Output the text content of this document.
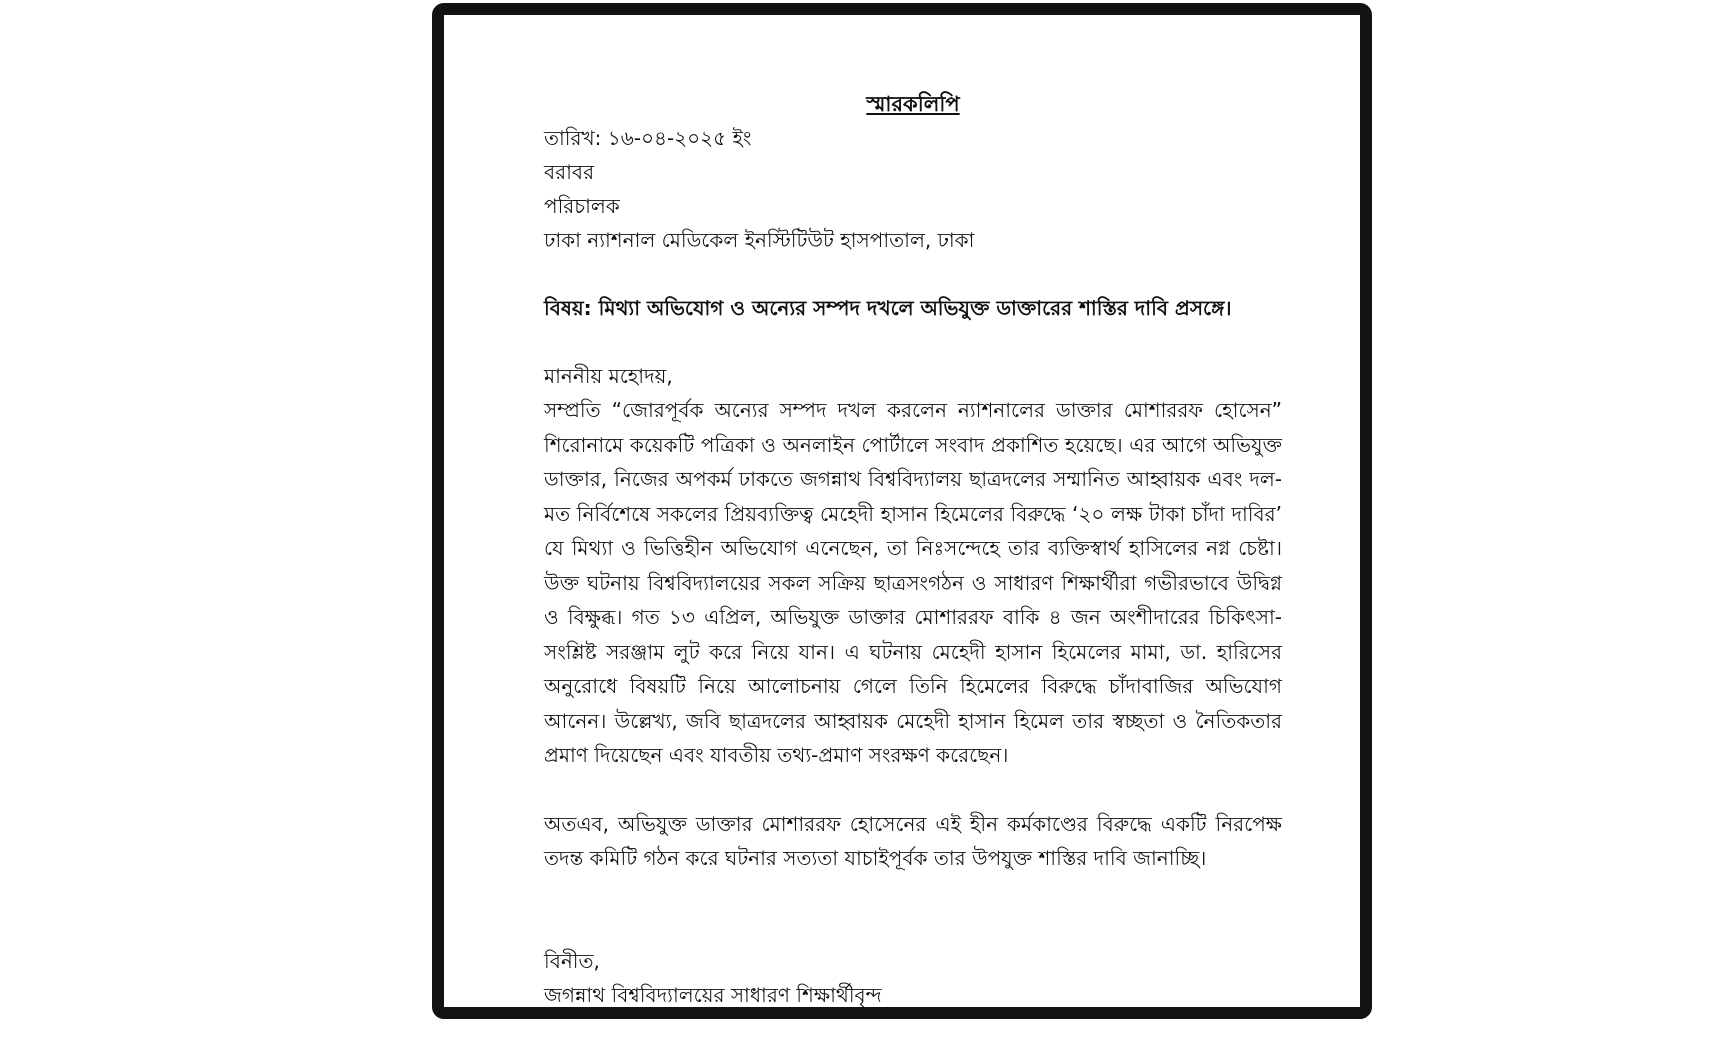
স্মারকলিপি
তারিখ: ১৬-০৪-২০২৫ ইং
বরাবর
পরিচালক
ঢাকা ন্যাশনাল মেডিকেল ইনস্টিটিউট হাসপাতাল, ঢাকা
বিষয়: মিথ্যা অভিযোগ ও অন্যের সম্পদ দখলে অভিযুক্ত ডাক্তারের শাস্তির দাবি প্রসঙ্গে।
মাননীয় মহোদয়,
সম্প্রতি “জোরপূর্বক অন্যের সম্পদ দখল করলেন ন্যাশনালের ডাক্তার মোশাররফ হোসেন” শিরোনামে কয়েকটি পত্রিকা ও অনলাইন পোর্টালে সংবাদ প্রকাশিত হয়েছে। এর আগে অভিযুক্ত ডাক্তার, নিজের অপকর্ম ঢাকতে জগন্নাথ বিশ্ববিদ্যালয় ছাত্রদলের সম্মানিত আহ্বায়ক এবং দল-মত নির্বিশেষে সকলের প্রিয়ব্যক্তিত্ব মেহেদী হাসান হিমেলের বিরুদ্ধে ‘২০ লক্ষ টাকা চাঁদা দাবির’ যে মিথ্যা ও ভিত্তিহীন অভিযোগ এনেছেন, তা নিঃসন্দেহে তার ব্যক্তিস্বার্থ হাসিলের নগ্ন চেষ্টা।উক্ত ঘটনায় বিশ্ববিদ্যালয়ের সকল সক্রিয় ছাত্রসংগঠন ও সাধারণ শিক্ষার্থীরা গভীরভাবে উদ্বিগ্ন ও বিক্ষুব্ধ। গত ১৩ এপ্রিল, অভিযুক্ত ডাক্তার মোশাররফ বাকি ৪ জন অংশীদারের চিকিৎসা-সংশ্লিষ্ট সরঞ্জাম লুট করে নিয়ে যান। এ ঘটনায় মেহেদী হাসান হিমেলের মামা, ডা. হারিসের অনুরোধে বিষয়টি নিয়ে আলোচনায় গেলে তিনি হিমেলের বিরুদ্ধে চাঁদাবাজির অভিযোগ আনেন। উল্লেখ্য, জবি ছাত্রদলের আহ্বায়ক মেহেদী হাসান হিমেল তার স্বচ্ছতা ও নৈতিকতার প্রমাণ দিয়েছেন এবং যাবতীয় তথ্য-প্রমাণ সংরক্ষণ করেছেন।
অতএব, অভিযুক্ত ডাক্তার মোশাররফ হোসেনের এই হীন কর্মকাণ্ডের বিরুদ্ধে একটি নিরপেক্ষ তদন্ত কমিটি গঠন করে ঘটনার সত্যতা যাচাইপূর্বক তার উপযুক্ত শাস্তির দাবি জানাচ্ছি।
বিনীত,
জগন্নাথ বিশ্ববিদ্যালয়ের সাধারণ শিক্ষার্থীবৃন্দ
